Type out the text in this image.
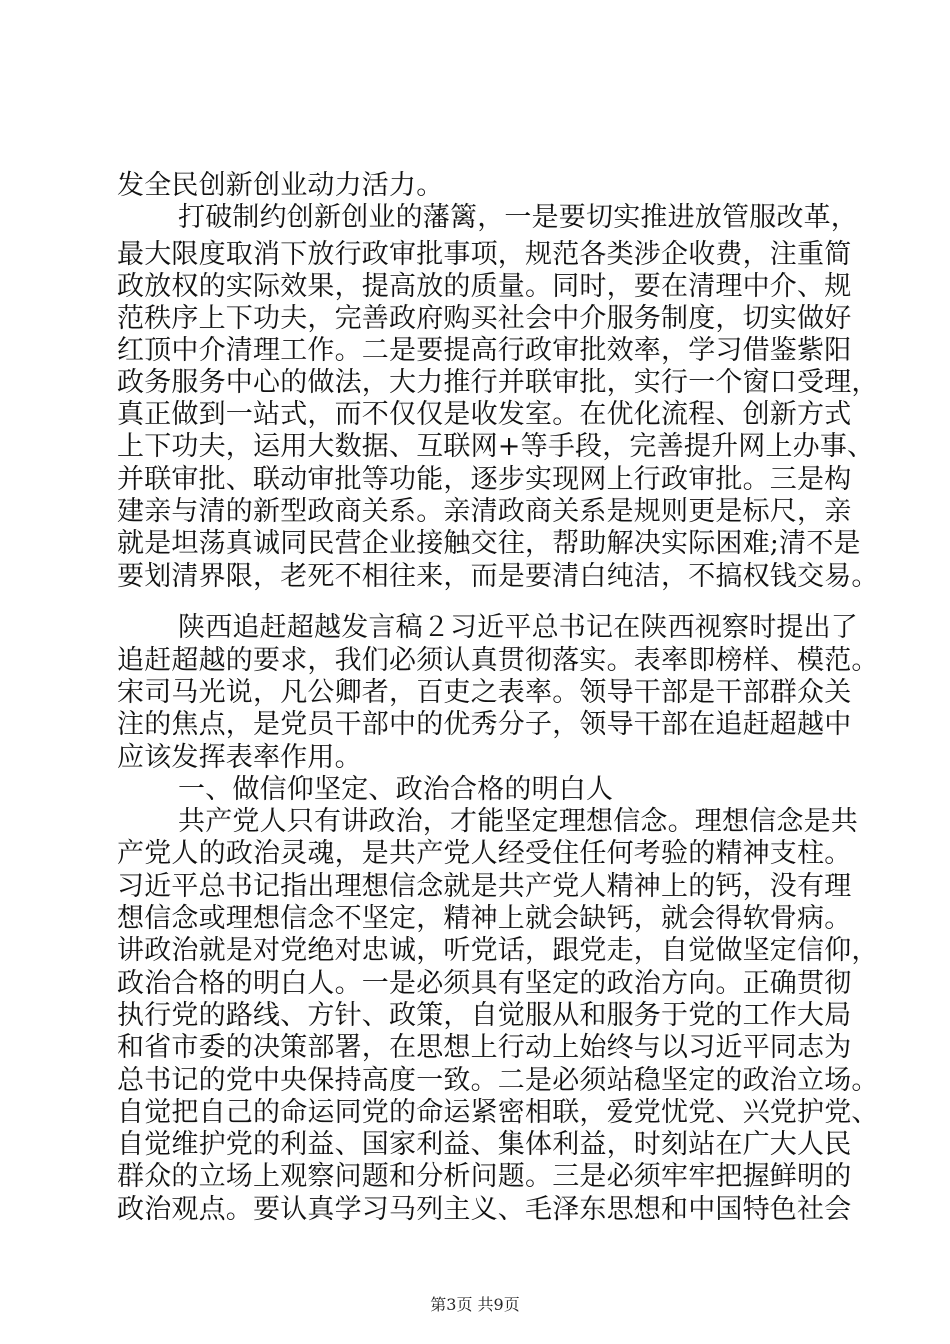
发全民创新创业动力活力。
打破制约创新创业的藩篱，一是要切实推进放管服改革，
最大限度取消下放行政审批事项，规范各类涉企收费，注重简
政放权的实际效果，提高放的质量。同时，要在清理中介、规
范秩序上下功夫，完善政府购买社会中介服务制度，切实做好
红顶中介清理工作。二是要提高行政审批效率，学习借鉴紫阳
政务服务中心的做法，大力推行并联审批，实行一个窗口受理，
真正做到一站式，而不仅仅是收发室。在优化流程、创新方式
上下功夫，运用大数据、互联网+等手段，完善提升网上办事、
并联审批、联动审批等功能，逐步实现网上行政审批。三是构
建亲与清的新型政商关系。亲清政商关系是规则更是标尺，亲
就是坦荡真诚同民营企业接触交往，帮助解决实际困难;清不是
要划清界限，老死不相往来，而是要清白纯洁，不搞权钱交易。
陕西追赶超越发言稿２习近平总书记在陕西视察时提出了
追赶超越的要求，我们必须认真贯彻落实。表率即榜样、模范。
宋司马光说，凡公卿者，百吏之表率。领导干部是干部群众关
注的焦点，是党员干部中的优秀分子，领导干部在追赶超越中
应该发挥表率作用。
一、做信仰坚定、政治合格的明白人
共产党人只有讲政治，才能坚定理想信念。理想信念是共
产党人的政治灵魂，是共产党人经受住任何考验的精神支柱。
习近平总书记指出理想信念就是共产党人精神上的钙，没有理
想信念或理想信念不坚定，精神上就会缺钙，就会得软骨病。
讲政治就是对党绝对忠诚，听党话，跟党走，自觉做坚定信仰，
政治合格的明白人。一是必须具有坚定的政治方向。正确贯彻
执行党的路线、方针、政策，自觉服从和服务于党的工作大局
和省市委的决策部署，在思想上行动上始终与以习近平同志为
总书记的党中央保持高度一致。二是必须站稳坚定的政治立场。
自觉把自己的命运同党的命运紧密相联，爱党忧党、兴党护党、
自觉维护党的利益、国家利益、集体利益，时刻站在广大人民
群众的立场上观察问题和分析问题。三是必须牢牢把握鲜明的
政治观点。要认真学习马列主义、毛泽东思想和中国特色社会
第3页 共9页
